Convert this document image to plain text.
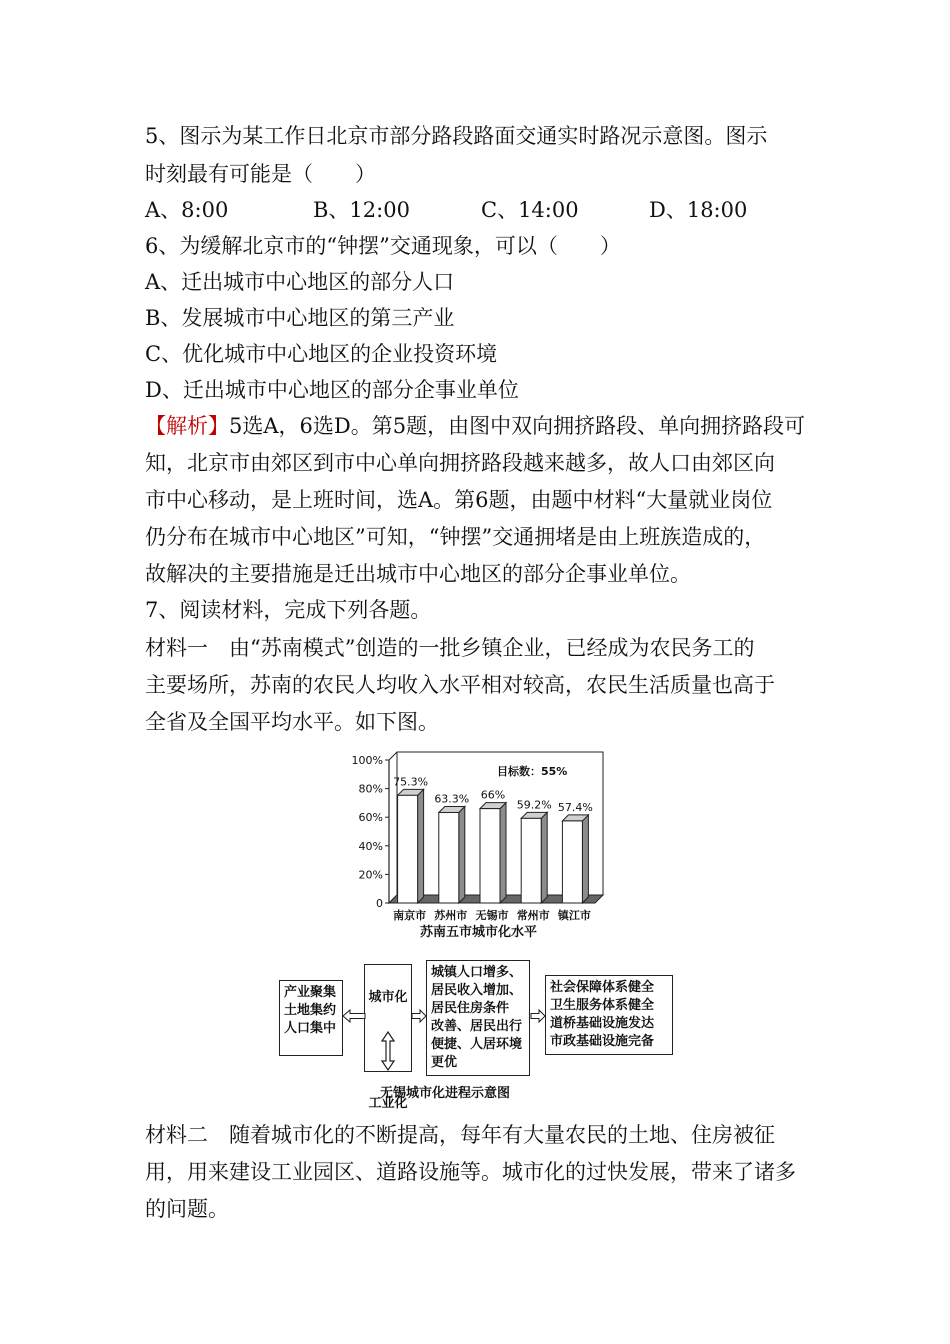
5、图示为某工作日北京市部分路段路面交通实时路况示意图。图示
时刻最有可能是（　　）
A、8:00	B、12:00	C、14:00	D、18:00
6、为缓解北京市的“钟摆”交通现象，可以（　　）
A、迁出城市中心地区的部分人口
B、发展城市中心地区的第三产业
C、优化城市中心地区的企业投资环境
D、迁出城市中心地区的部分企事业单位
【解析】5选A，6选D。第5题，由图中双向拥挤路段、单向拥挤路段可
知，北京市由郊区到市中心单向拥挤路段越来越多，故人口由郊区向
市中心移动，是上班时间，选A。第6题，由题中材料“大量就业岗位
仍分布在城市中心地区”可知，“钟摆”交通拥堵是由上班族造成的，
故解决的主要措施是迁出城市中心地区的部分企事业单位。
7、阅读材料，完成下列各题。
材料一　由“苏南模式”创造的一批乡镇企业，已经成为农民务工的
主要场所，苏南的农民人均收入水平相对较高，农民生活质量也高于
全省及全国平均水平。如下图。
0
20%
40%
60%
80%
100%
目标数：55%
75.3%
南京市
63.3%
苏州市
66%
无锡市
59.2%
常州市
57.4%
镇江市
苏南五市城市化水平
产业聚集
土地集约
人口集中

城市化

工业化

城镇人口增多、
居民收入增加、
居民住房条件
改善、居民出行
便捷、人居环境
更优
社会保障体系健全
卫生服务体系健全
道桥基础设施发达
市政基础设施完备
无锡城市化进程示意图
材料二　随着城市化的不断提高，每年有大量农民的土地、住房被征
用，用来建设工业园区、道路设施等。城市化的过快发展，带来了诸多
的问题。
